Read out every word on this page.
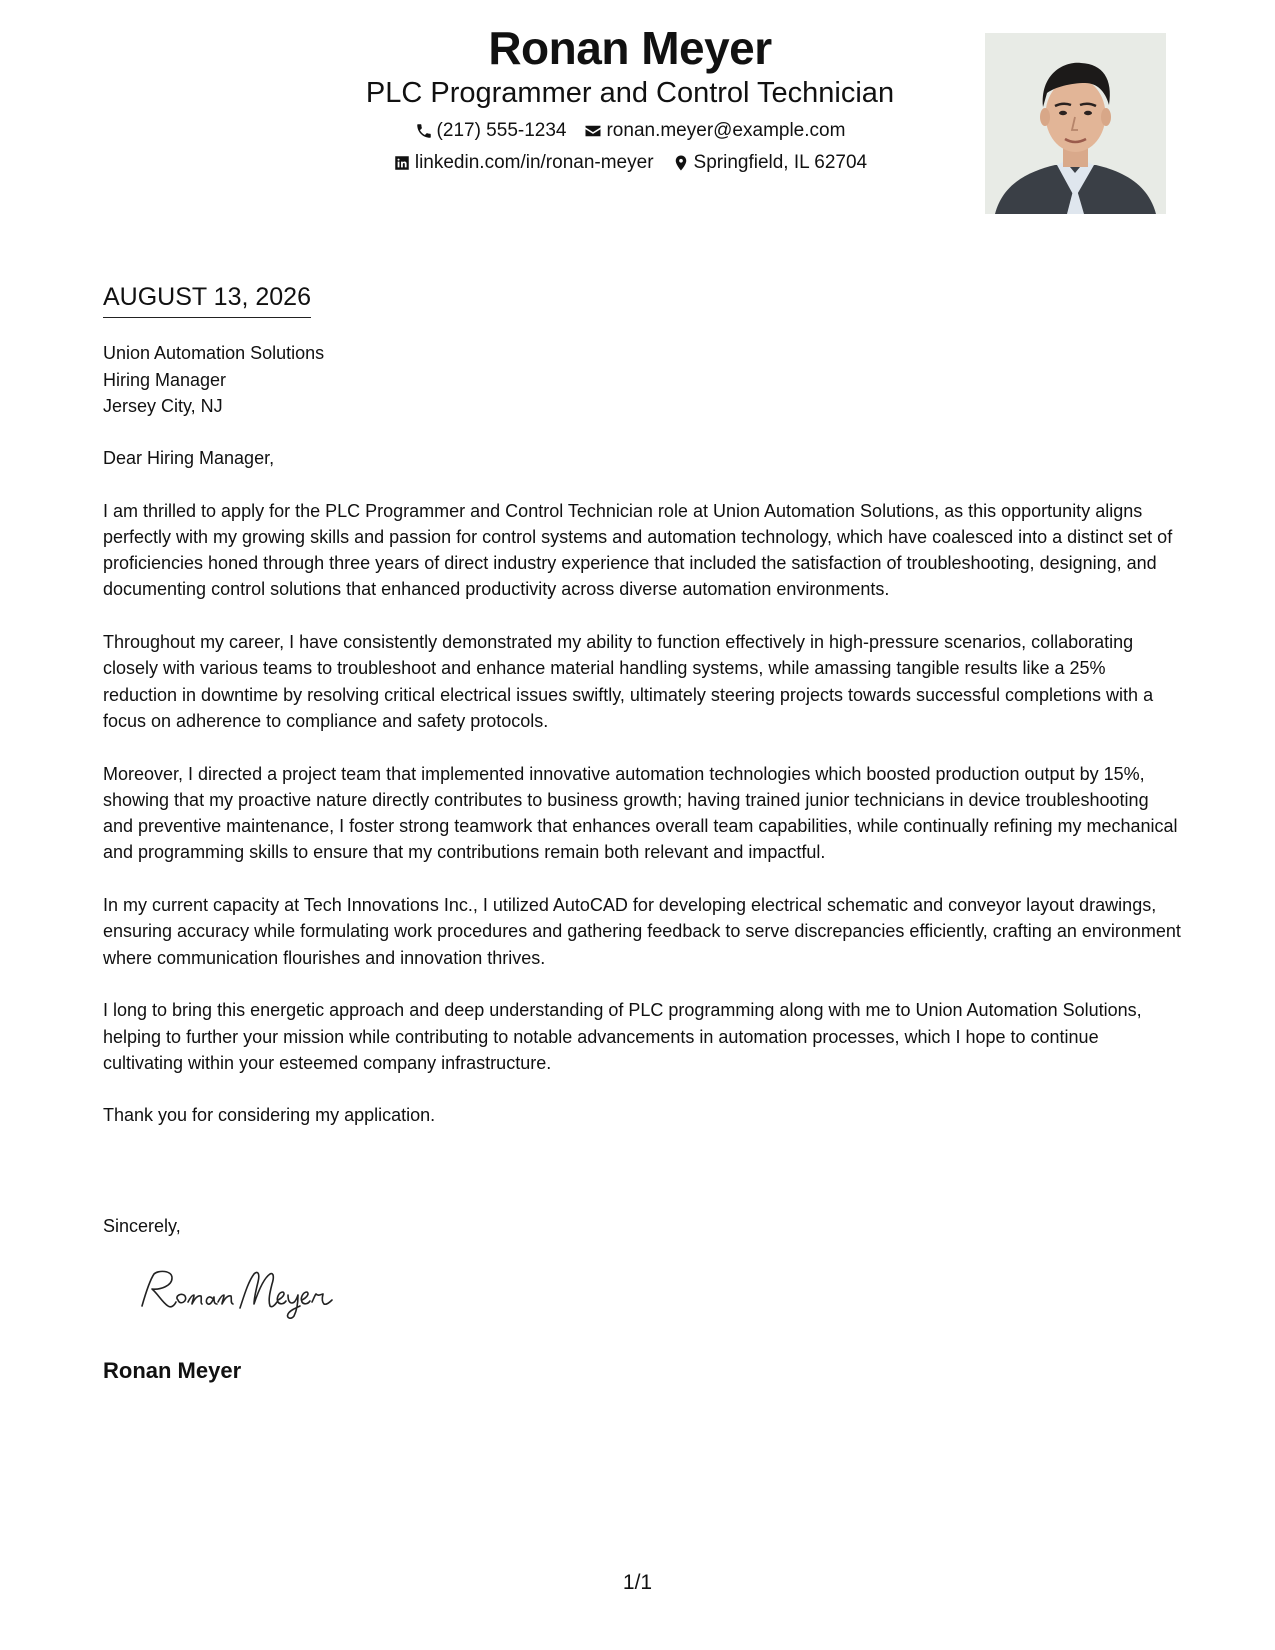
Ronan Meyer
PLC Programmer and Control Technician
(217) 555-1234 ronan.meyer@example.com
linkedin.com/in/ronan-meyer Springfield, IL 62704
AUGUST 13, 2026
Union Automation Solutions
Hiring Manager
Jersey City, NJ

Dear Hiring Manager,

I am thrilled to apply for the PLC Programmer and Control Technician role at Union Automation Solutions, as this opportunity aligns perfectly with my growing skills and passion for control systems and automation technology, which have coalesced into a distinct set of proficiencies honed through three years of direct industry experience that included the satisfaction of troubleshooting, designing, and documenting control solutions that enhanced productivity across diverse automation environments.

Throughout my career, I have consistently demonstrated my ability to function effectively in high-pressure scenarios, collaborating closely with various teams to troubleshoot and enhance material handling systems, while amassing tangible results like a 25% reduction in downtime by resolving critical electrical issues swiftly, ultimately steering projects towards successful completions with a focus on adherence to compliance and safety protocols.

Moreover, I directed a project team that implemented innovative automation technologies which boosted production output by 15%, showing that my proactive nature directly contributes to business growth; having trained junior technicians in device troubleshooting and preventive maintenance, I foster strong teamwork that enhances overall team capabilities, while continually refining my mechanical and programming skills to ensure that my contributions remain both relevant and impactful.

In my current capacity at Tech Innovations Inc., I utilized AutoCAD for developing electrical schematic and conveyor layout drawings, ensuring accuracy while formulating work procedures and gathering feedback to serve discrepancies efficiently, crafting an environment where communication flourishes and innovation thrives.

I long to bring this energetic approach and deep understanding of PLC programming along with me to Union Automation Solutions, helping to further your mission while contributing to notable advancements in automation processes, which I hope to continue cultivating within your esteemed company infrastructure.

Thank you for considering my application.

Sincerely,
Ronan Meyer
1/1
